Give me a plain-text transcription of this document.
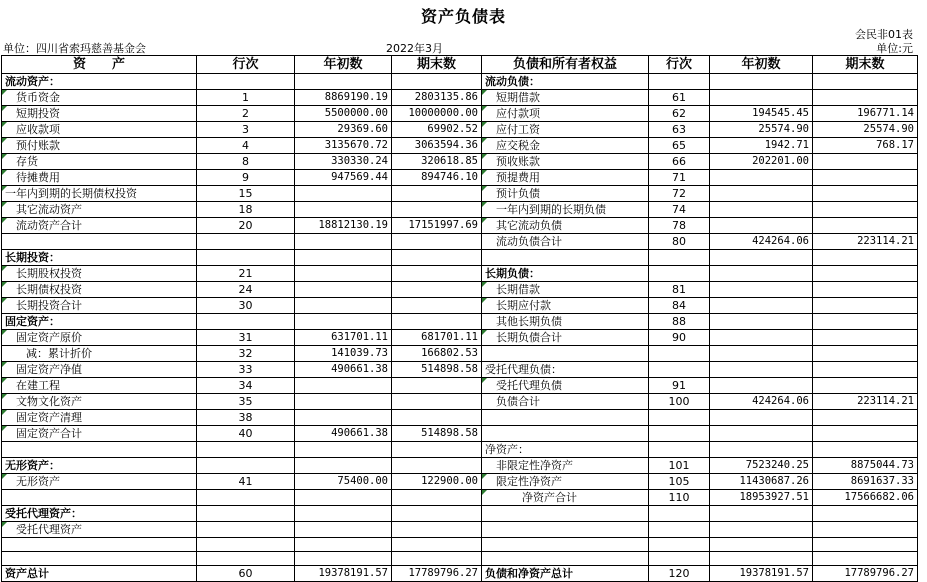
资产负债表
会民非01表
单位：四川省索玛慈善基金会	2022年3月	单位:元
资　　产	行次	年初数	期末数	负债和所有者权益	行次	年初数	期末数
流动资产：				流动负债：			
货币资金	1	8869190.19	2803135.86	短期借款	61		
短期投资	2	5500000.00	10000000.00	应付款项	62	194545.45	196771.14
应收款项	3	29369.60	69902.52	应付工资	63	25574.90	25574.90
预付账款	4	3135670.72	3063594.36	应交税金	65	1942.71	768.17
存货	8	330330.24	320618.85	预收账款	66	202201.00	
待摊费用	9	947569.44	894746.10	预提费用	71		
一年内到期的长期债权投资	15			预计负债	72		
其它流动资产	18			一年内到期的长期负债	74		
流动资产合计	20	18812130.19	17151997.69	其它流动负债	78		
				流动负债合计	80	424264.06	223114.21
长期投资：							
长期股权投资	21			长期负债：			
长期债权投资	24			长期借款	81		
长期投资合计	30			长期应付款	84		
固定资产：				其他长期负债	88		
固定资产原价	31	631701.11	681701.11	长期负债合计	90		
减：累计折价	32	141039.73	166802.53				
固定资产净值	33	490661.38	514898.58	受托代理负债：			
在建工程	34			受托代理负债	91		
文物文化资产	35			负债合计	100	424264.06	223114.21
固定资产清理	38						
固定资产合计	40	490661.38	514898.58				
				净资产：			
无形资产：				非限定性净资产	101	7523240.25	8875044.73
无形资产	41	75400.00	122900.00	限定性净资产	105	11430687.26	8691637.33
				净资产合计	110	18953927.51	17566682.06
受托代理资产：							
受托代理资产							

资产总计	60	19378191.57	17789796.27	负债和净资产总计	120	19378191.57	17789796.27
